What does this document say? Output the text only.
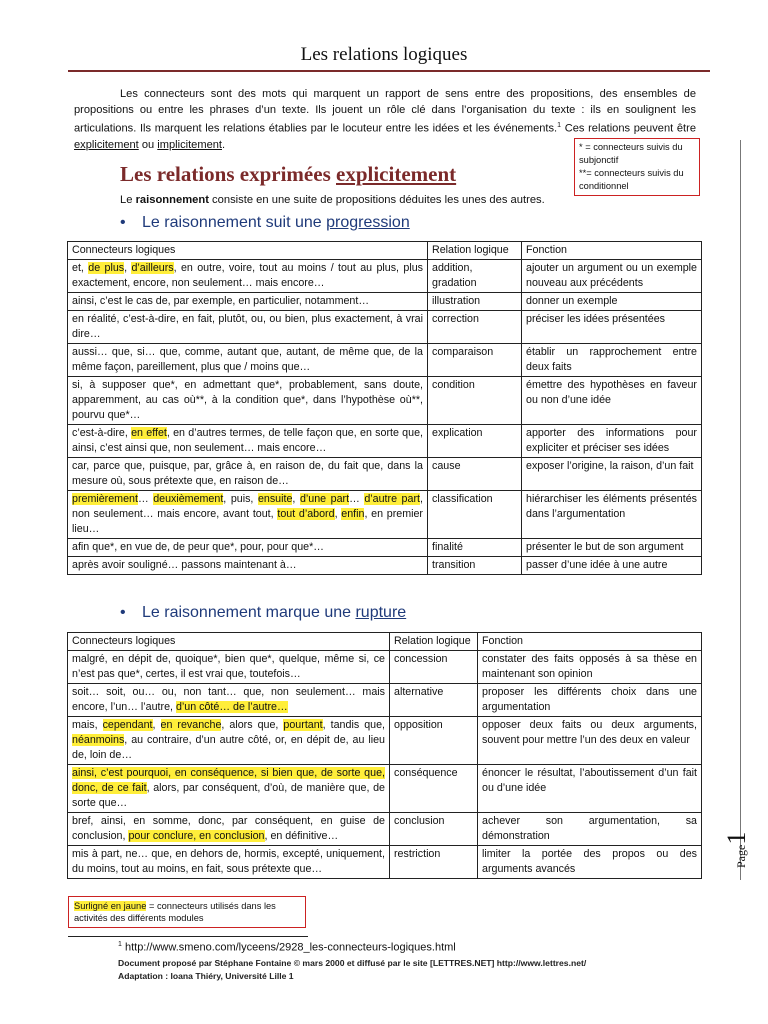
Les relations logiques

Les connecteurs sont des mots qui marquent un rapport de sens entre des propositions, des ensembles de propositions ou entre les phrases d’un texte. Ils jouent un rôle clé dans l’organisation du texte : ils en soulignent les articulations. Ils marquent les relations établies par le locuteur entre les idées et les événements.$^1$ Ces relations peuvent être explicitement ou implicitement.	* = connecteurs suivis du subjonctif
**= connecteurs suivis du conditionnel
Les relations exprimées explicitement
Le raisonnement consiste en une suite de propositions déduites les unes des autres.
• Le raisonnement suit une progression
Connecteurs logiques	Relation logique	Fonction
et, de plus, d’ailleurs, en outre, voire, tout au moins / tout au plus, plus exactement, encore, non seulement… mais encore…	addition, gradation	ajouter un argument ou un exemple nouveau aux précédents
ainsi, c’est le cas de, par exemple, en particulier, notamment…	illustration	donner un exemple
en réalité, c’est-à-dire, en fait, plutôt, ou, ou bien, plus exactement, à vrai dire…	correction	préciser les idées présentées
aussi… que, si… que, comme, autant que, autant, de même que, de la même façon, pareillement, plus que / moins que…	comparaison	établir un rapprochement entre deux faits
si, à supposer que*, en admettant que*, probablement, sans doute, apparemment, au cas où**, à la condition que*, dans l’hypothèse où**, pourvu que*…	condition	émettre des hypothèses en faveur ou non d’une idée
c’est-à-dire, en effet, en d’autres termes, de telle façon que, en sorte que, ainsi, c’est ainsi que, non seulement… mais encore…	explication	apporter des informations pour expliciter et préciser ses idées
car, parce que, puisque, par, grâce à, en raison de, du fait que, dans la mesure où, sous prétexte que, en raison de…	cause	exposer l’origine, la raison, d’un fait
premièrement… deuxièmement, puis, ensuite, d’une part… d’autre part, non seulement… mais encore, avant tout, tout d’abord, enfin, en premier lieu…	classification	hiérarchiser les éléments présentés dans l’argumentation
afin que*, en vue de, de peur que*, pour, pour que*…	finalité	présenter le but de son argument
après avoir souligné… passons maintenant à…	transition	passer d’une idée à une autre
• Le raisonnement marque une rupture
Connecteurs logiques	Relation logique	Fonction
malgré, en dépit de, quoique*, bien que*, quelque, même si, ce n’est pas que*, certes, il est vrai que, toutefois…	concession	constater des faits opposés à sa thèse en maintenant son opinion
soit… soit, ou… ou, non tant… que, non seulement… mais encore, l’un… l’autre, d’un côté… de l’autre…	alternative	proposer les différents choix dans une argumentation
mais, cependant, en revanche, alors que, pourtant, tandis que, néanmoins, au contraire, d’un autre côté, or, en dépit de, au lieu de, loin de…	opposition	opposer deux faits ou deux arguments, souvent pour mettre l’un des deux en valeur
ainsi, c’est pourquoi, en conséquence, si bien que, de sorte que, donc, de ce fait, alors, par conséquent, d’où, de manière que, de sorte que…	conséquence	énoncer le résultat, l’aboutissement d’un fait ou d’une idée
bref, ainsi, en somme, donc, par conséquent, en guise de conclusion, pour conclure, en conclusion, en définitive…	conclusion	achever son argumentation, sa démonstration
mis à part, ne… que, en dehors de, hormis, excepté, uniquement, du moins, tout au moins, en fait, sous prétexte que…	restriction	limiter la portée des propos ou des arguments avancés
Surligné en jaune = connecteurs utilisés dans les activités des différents modules
$^1$ http://www.smeno.com/lyceens/2928_les-connecteurs-logiques.html
Document proposé par Stéphane Fontaine © mars 2000 et diffusé par le site [LETTRES.NET] http://www.lettres.net/
Adaptation : Ioana Thiéry, Université Lille 1
Page1
